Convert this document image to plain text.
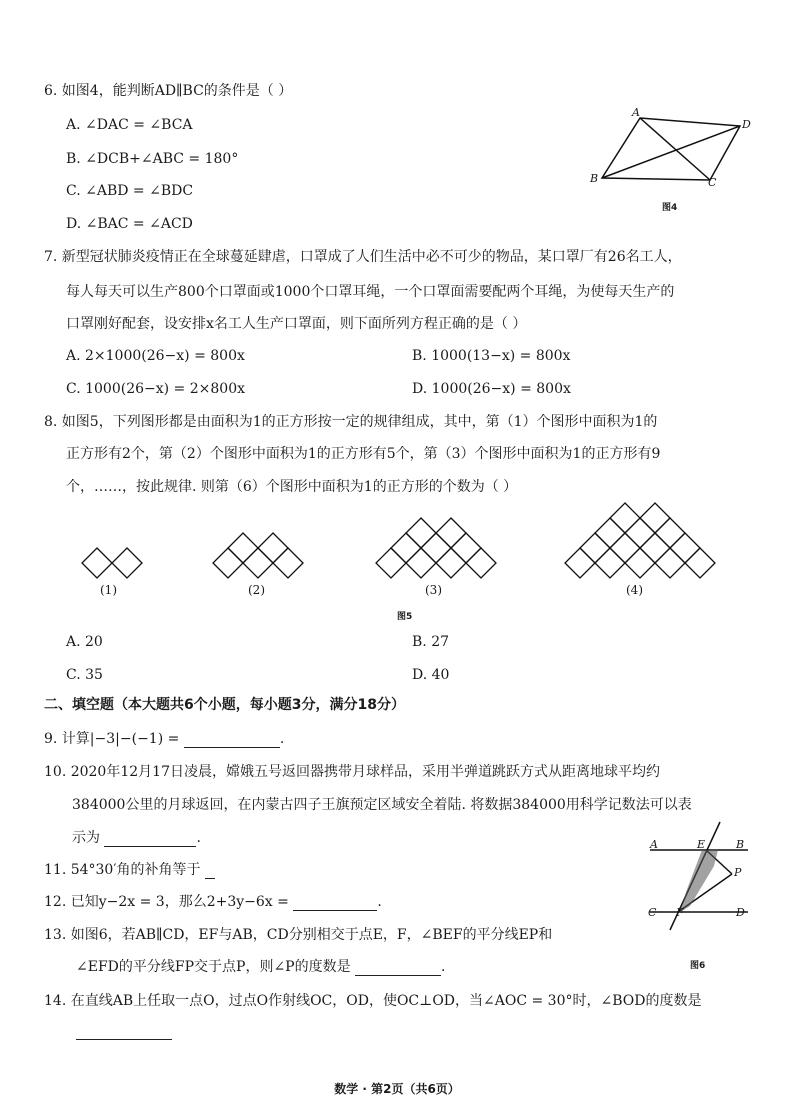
6. 如图4，能判断AD∥BC的条件是（ ）
A. ∠DAC = ∠BCA
B. ∠DCB+∠ABC = 180°
C. ∠ABD = ∠BDC
D. ∠BAC = ∠ACD
A
D
B	C
图4
7. 新型冠状肺炎疫情正在全球蔓延肆虐，口罩成了人们生活中必不可少的物品，某口罩厂有26名工人，
每人每天可以生产800个口罩面或1000个口罩耳绳，一个口罩面需要配两个耳绳，为使每天生产的
口罩刚好配套，设安排x名工人生产口罩面，则下面所列方程正确的是（ ）
A. 2×1000(26−x) = 800x	B. 1000(13−x) = 800x
C. 1000(26−x) = 2×800x	D. 1000(26−x) = 800x
8. 如图5，下列图形都是由面积为1的正方形按一定的规律组成，其中，第（1）个图形中面积为1的
正方形有2个，第（2）个图形中面积为1的正方形有5个，第（3）个图形中面积为1的正方形有9
个，……，按此规律. 则第（6）个图形中面积为1的正方形的个数为（ ）
(1)	(2)	(3)	(4)
图5
A. 20	B. 27
C. 35	D. 40
二、填空题（本大题共6个小题，每小题3分，满分18分）
9. 计算|−3|−(−1) =	.
10. 2020年12月17日凌晨，嫦娥五号返回器携带月球样品，采用半弹道跳跃方式从距离地球平均约
384000公里的月球返回，在内蒙古四子王旗预定区域安全着陆. 将数据384000用科学记数法可以表
示为	.
11. 54°30′角的补角等于
12. 已知y−2x = 3，那么2+3y−6x =	.
13. 如图6，若AB∥CD，EF与AB，CD分别相交于点E，F，∠BEF的平分线EP和
∠EFD的平分线FP交于点P，则∠P的度数是	.
A	E	B
P
C F	D
图6
14. 在直线AB上任取一点O，过点O作射线OC，OD，使OC⊥OD，当∠AOC = 30°时，∠BOD的度数是
数学 · 第2页（共6页）
